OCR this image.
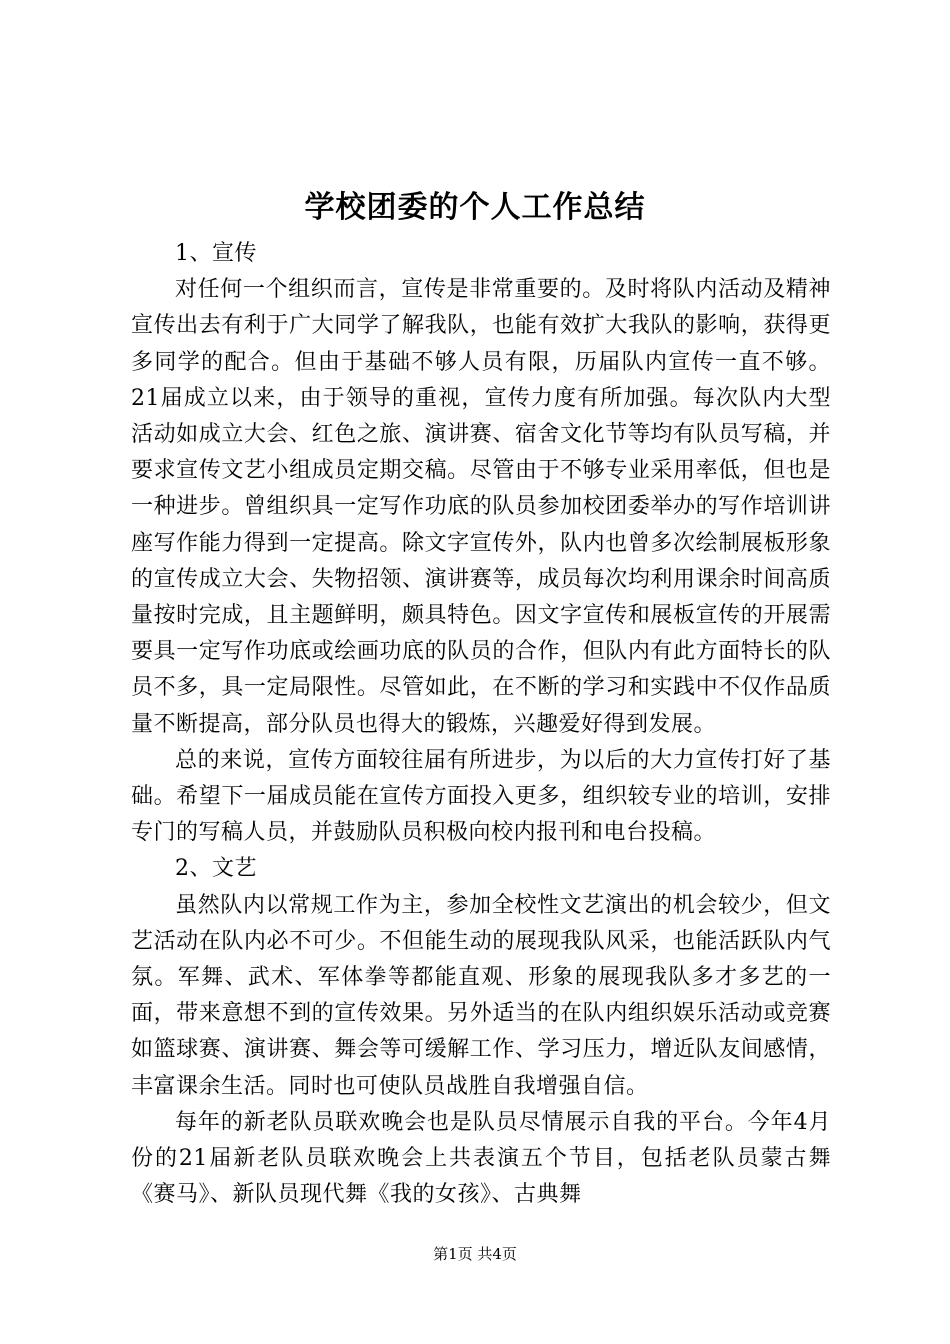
学校团委的个人工作总结

1、宣传

对任何一个组织而言，宣传是非常重要的。及时将队内活动及精神宣传出去有利于广大同学了解我队，也能有效扩大我队的影响，获得更多同学的配合。但由于基础不够人员有限，历届队内宣传一直不够。21届成立以来，由于领导的重视，宣传力度有所加强。每次队内大型活动如成立大会、红色之旅、演讲赛、宿舍文化节等均有队员写稿，并要求宣传文艺小组成员定期交稿。尽管由于不够专业采用率低，但也是一种进步。曾组织具一定写作功底的队员参加校团委举办的写作培训讲座写作能力得到一定提高。除文字宣传外，队内也曾多次绘制展板形象的宣传成立大会、失物招领、演讲赛等，成员每次均利用课余时间高质量按时完成，且主题鲜明，颇具特色。因文字宣传和展板宣传的开展需要具一定写作功底或绘画功底的队员的合作，但队内有此方面特长的队员不多，具一定局限性。尽管如此，在不断的学习和实践中不仅作品质量不断提高，部分队员也得大的锻炼，兴趣爱好得到发展。

总的来说，宣传方面较往届有所进步，为以后的大力宣传打好了基础。希望下一届成员能在宣传方面投入更多，组织较专业的培训，安排专门的写稿人员，并鼓励队员积极向校内报刊和电台投稿。

2、文艺

虽然队内以常规工作为主，参加全校性文艺演出的机会较少，但文艺活动在队内必不可少。不但能生动的展现我队风采，也能活跃队内气氛。军舞、武术、军体拳等都能直观、形象的展现我队多才多艺的一面，带来意想不到的宣传效果。另外适当的在队内组织娱乐活动或竞赛如篮球赛、演讲赛、舞会等可缓解工作、学习压力，增近队友间感情，丰富课余生活。同时也可使队员战胜自我增强自信。

每年的新老队员联欢晚会也是队员尽情展示自我的平台。今年4月份的21届新老队员联欢晚会上共表演五个节目，包括老队员蒙古舞《赛马》、新队员现代舞《我的女孩》、古典舞

第1页 共4页
